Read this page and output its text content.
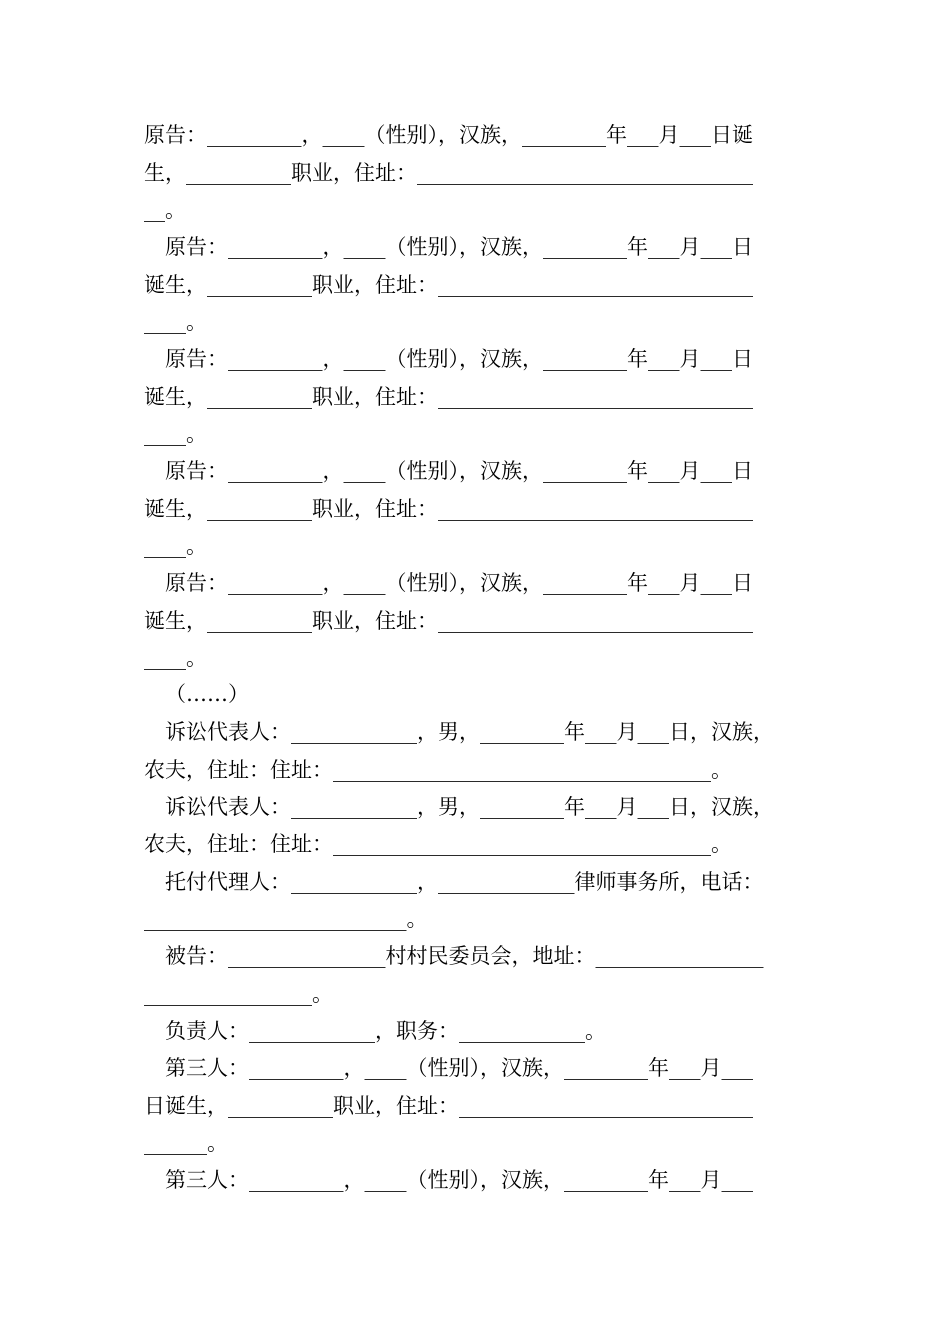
原告：_________，____（性别），汉族，________年___月___日诞
生，__________职业，住址：________________________________
__。
原告：_________，____（性别），汉族，________年___月___日
诞生，__________职业，住址：______________________________
____。
原告：_________，____（性别），汉族，________年___月___日
诞生，__________职业，住址：______________________________
____。
原告：_________，____（性别），汉族，________年___月___日
诞生，__________职业，住址：______________________________
____。
原告：_________，____（性别），汉族，________年___月___日
诞生，__________职业，住址：______________________________
____。
（……）
诉讼代表人：____________，男，________年___月___日，汉族，
农夫，住址：住址：____________________________________。
诉讼代表人：____________，男，________年___月___日，汉族，
农夫，住址：住址：____________________________________。
托付代理人：____________，_____________律师事务所，电话：
_________________________。
被告：_______________村村民委员会，地址：________________
________________。
负责人：____________，职务：____________。
第三人：_________，____（性别），汉族，________年___月___
日诞生，__________职业，住址：____________________________
______。
第三人：_________，____（性别），汉族，________年___月___
